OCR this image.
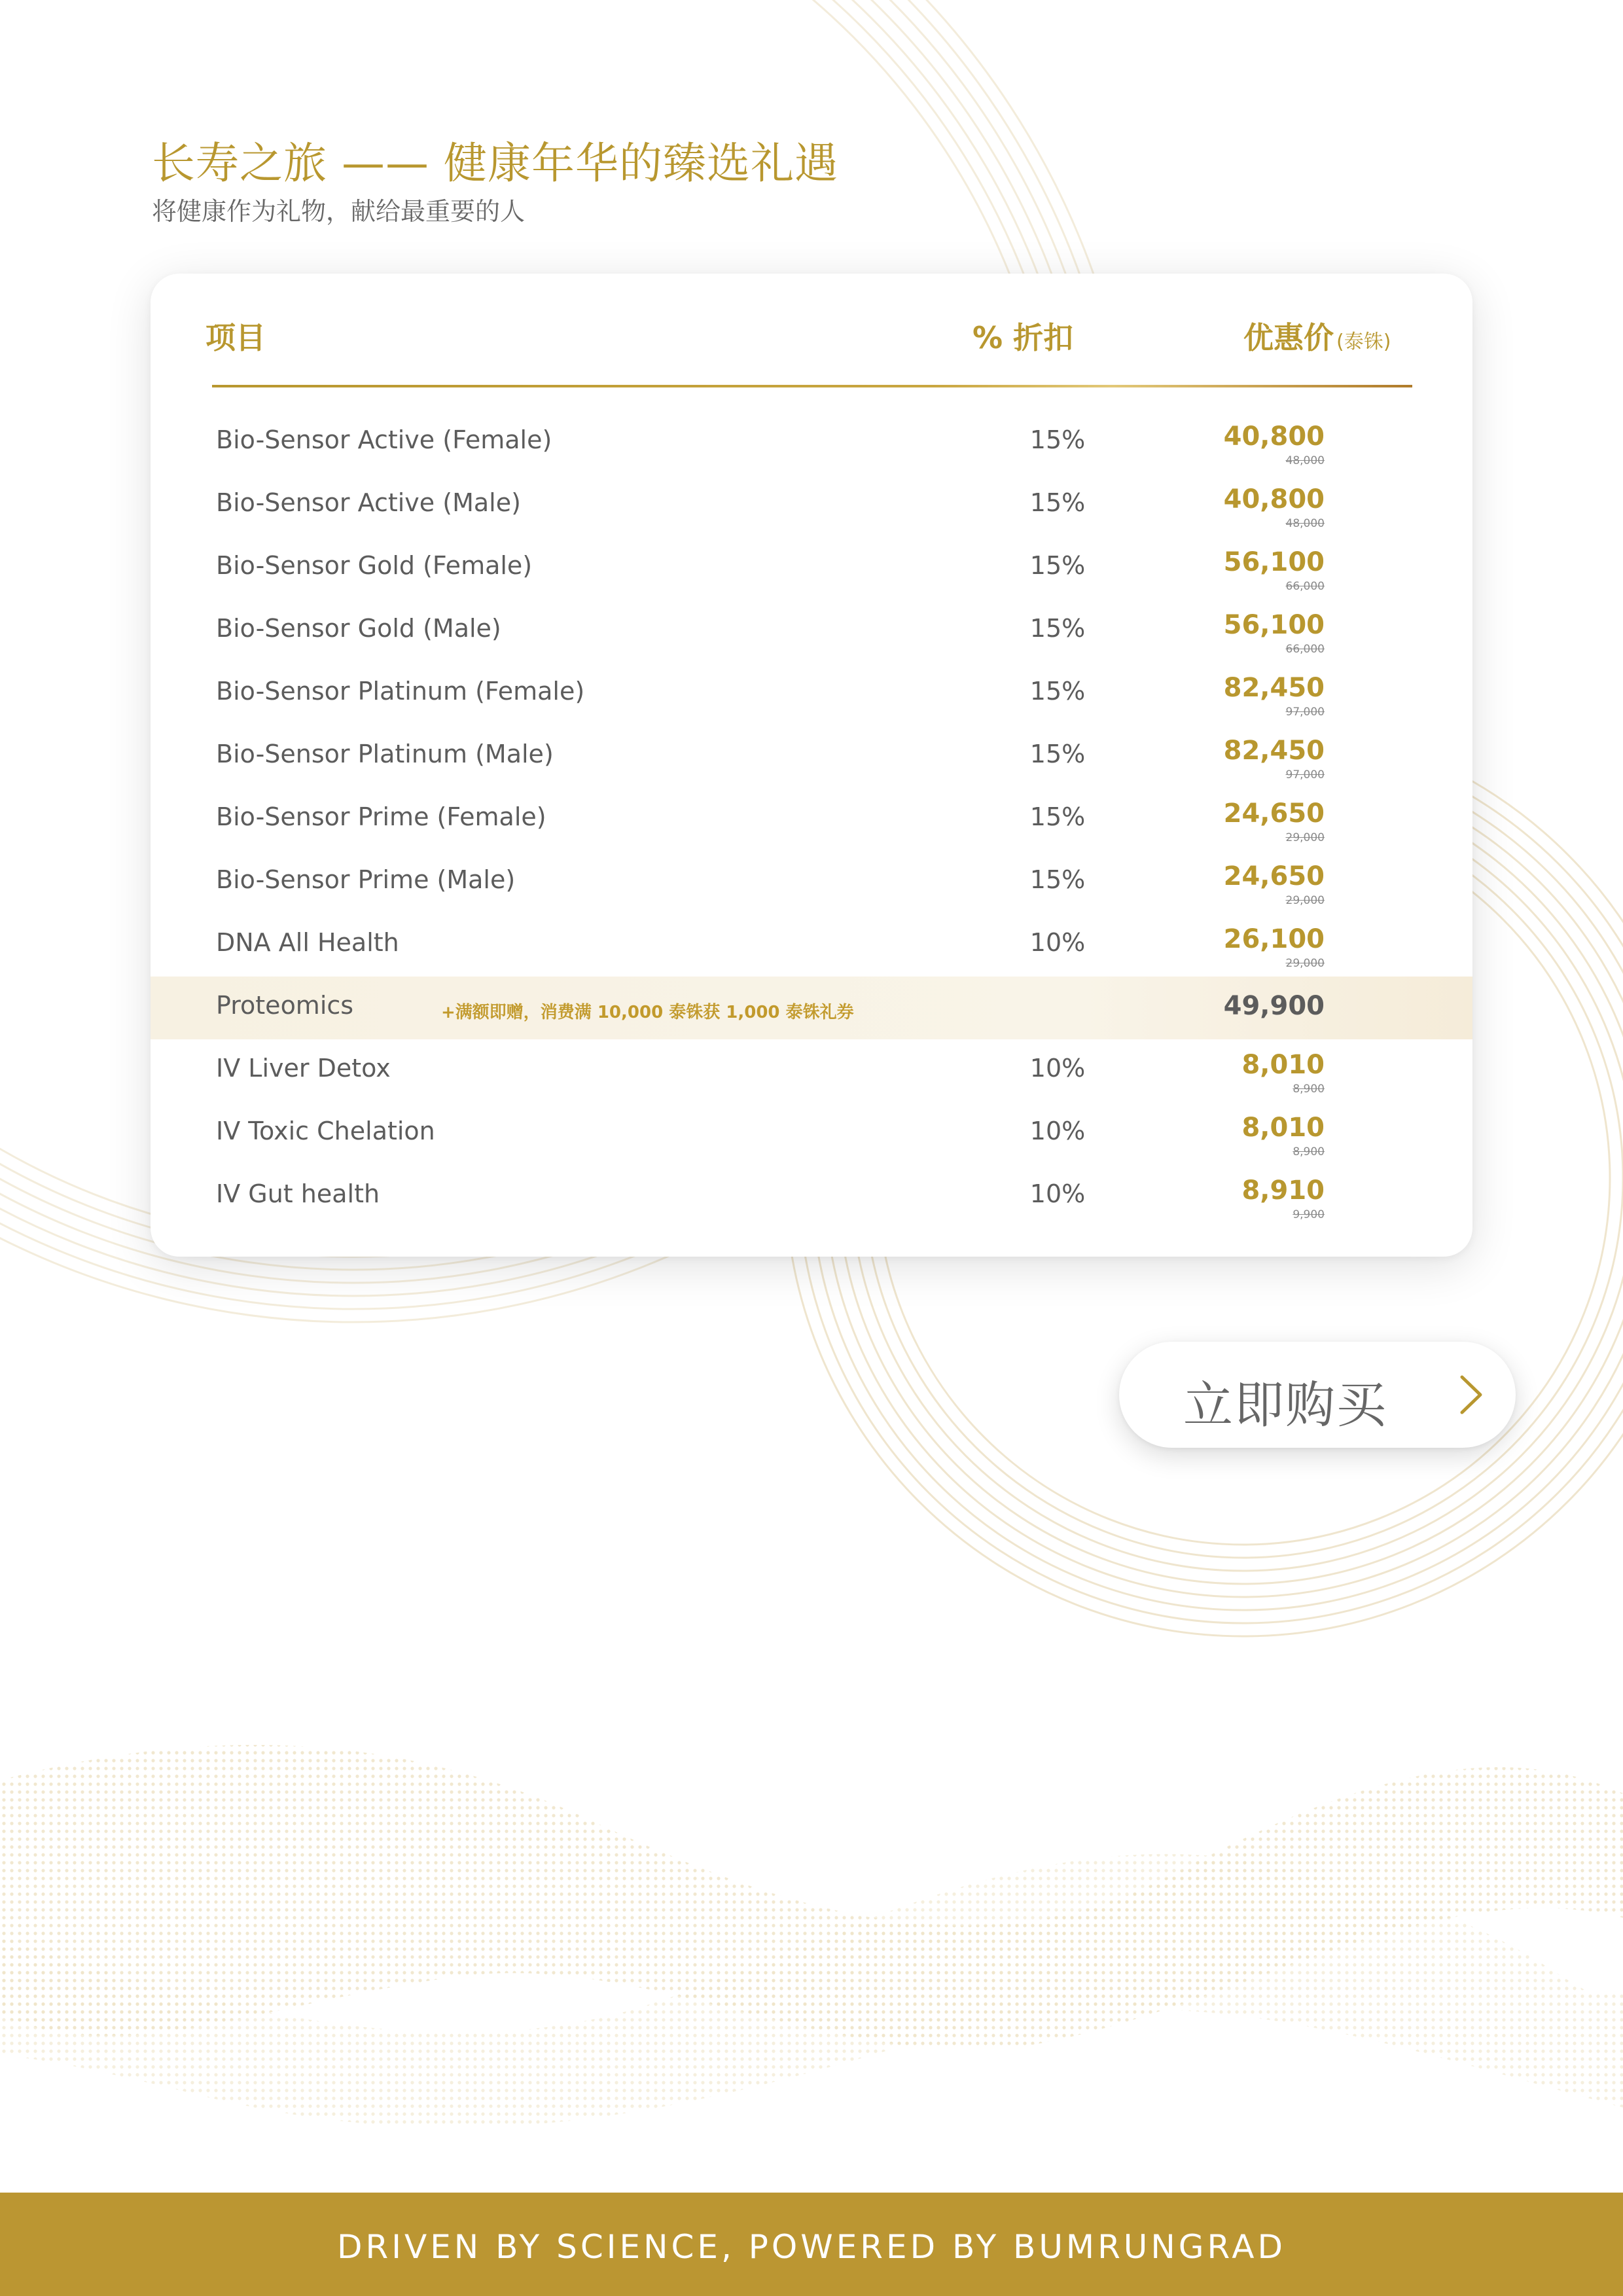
长寿之旅 —— 健康年华的臻选礼遇

将健康作为礼物，献给最重要的人

项目	% 折扣	优惠价 (泰铢)
Bio-Sensor Active (Female)	15%	40,800
48,000
Bio-Sensor Active (Male)	15%	40,800
48,000
Bio-Sensor Gold (Female)	15%	56,100
66,000
Bio-Sensor Gold (Male)	15%	56,100
66,000
Bio-Sensor Platinum (Female)	15%	82,450
97,000
Bio-Sensor Platinum (Male)	15%	82,450
97,000
Bio-Sensor Prime (Female)	15%	24,650
29,000
Bio-Sensor Prime (Male)	15%	24,650
29,000
DNA All Health	10%	26,100
29,000
Proteomics	+满额即赠，消费满 10,000 泰铢获 1,000 泰铢礼券	49,900
IV Liver Detox	10%	8,010
8,900
IV Toxic Chelation	10%	8,010
8,900
IV Gut health	10%	8,910
9,900
立即购买
DRIVEN BY SCIENCE, POWERED BY BUMRUNGRAD
